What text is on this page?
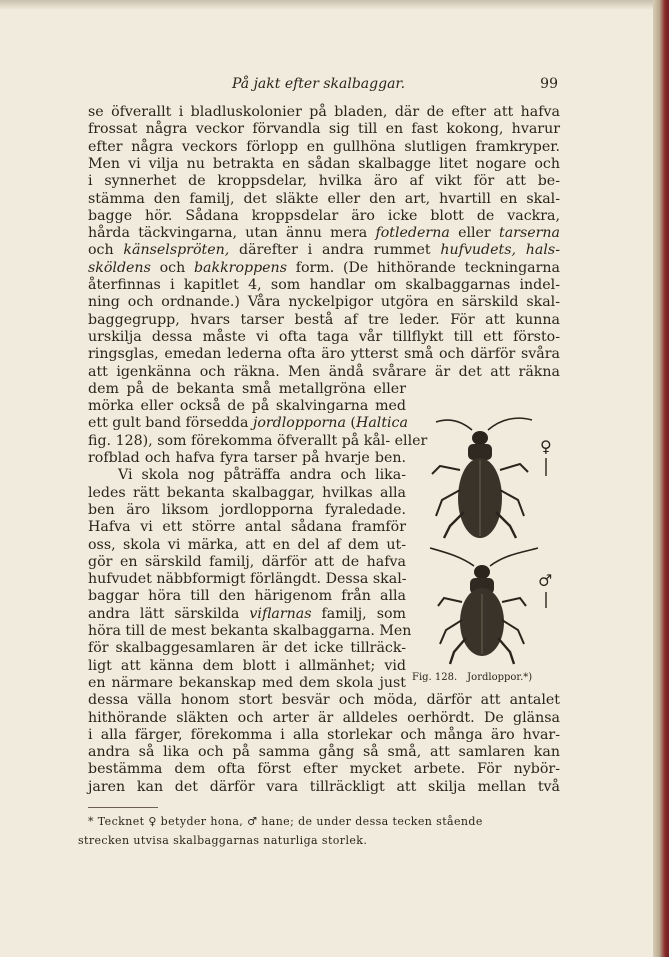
På jakt efter skalbaggar.	99
se öfverallt i bladluskolonier på bladen, där de efter att hafva
frossat några veckor förvandla sig till en fast kokong, hvarur
efter några veckors förlopp en gullhöna slutligen framkryper.
Men vi vilja nu betrakta en sådan skalbagge litet nogare och
i synnerhet de kroppsdelar, hvilka äro af vikt för att be-
stämma den familj, det släkte eller den art, hvartill en skal-
bagge hör. Sådana kroppsdelar äro icke blott de vackra,
hårda täckvingarna, utan ännu mera fotlederna eller tarserna
och känselspröten, därefter i andra rummet hufvudets, hals-
sköldens och bakkroppens form. (De hithörande teckningarna
återfinnas i kapitlet 4, som handlar om skalbaggarnas indel-
ning och ordnande.) Våra nyckelpigor utgöra en särskild skal-
baggegrupp, hvars tarser bestå af tre leder. För att kunna
urskilja dessa måste vi ofta taga vår tillflykt till ett försto-
ringsglas, emedan lederna ofta äro ytterst små och därför svåra
att igenkänna och räkna. Men ändå svårare är det att räkna
dem på de bekanta små metallgröna eller
mörka eller också de på skalvingarna med
ett gult band försedda jordlopporna (Haltica
fig. 128), som förekomma öfverallt på kål- eller
rofblad och hafva fyra tarser på hvarje ben.
Vi skola nog påträffa andra och lika-
ledes rätt bekanta skalbaggar, hvilkas alla
ben äro liksom jordlopporna fyraledade.
Hafva vi ett större antal sådana framför
oss, skola vi märka, att en del af dem ut-
gör en särskild familj, därför att de hafva
hufvudet näbbformigt förlängdt. Dessa skal-
baggar höra till den härigenom från alla
andra lätt särskilda viflarnas familj, som
höra till de mest bekanta skalbaggarna. Men
för skalbaggesamlaren är det icke tillräck-
ligt att känna dem blott i allmänhet; vid
en närmare bekanskap med dem skola just
dessa välla honom stort besvär och möda, därför att antalet
hithörande släkten och arter är alldeles oerhördt. De glänsa
i alla färger, förekomma i alla storlekar och många äro hvar-
andra så lika och på samma gång så små, att samlaren kan
bestämma dem ofta först efter mycket arbete. För nybör-
jaren kan det därför vara tillräckligt att skilja mellan två
♀
♂
Fig. 128. Jordloppor.*)
* Tecknet ♀ betyder hona, ♂ hane; de under dessa tecken stående
strecken utvisa skalbaggarnas naturliga storlek.
